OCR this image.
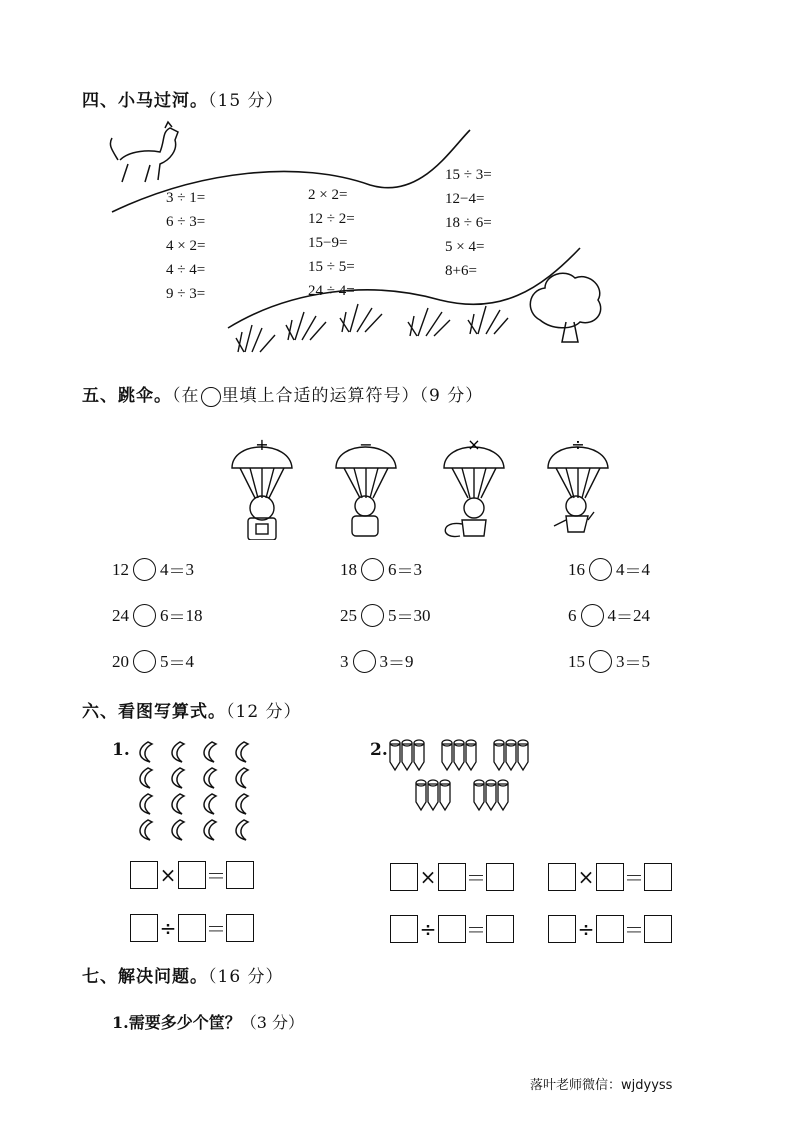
四、小马过河。（15 分）
3 ÷ 1=
6 ÷ 3=
4 × 2=
4 ÷ 4=
9 ÷ 3=
2 × 2=
12 ÷ 2=
15−9=
15 ÷ 5=
24 ÷ 4=
15 ÷ 3=
12−4=
18 ÷ 6=
5 × 4=
8+6=
五、跳伞。（在 里填上合适的运算符号）（9 分）
+	−	×	÷
12 4＝3	18 6＝3	16 4＝4
24 6＝18	25 5＝30	6 4＝24
20 5＝4	3 3＝9	15 3＝5
六、看图写算式。（12 分）
1.	2.
× ＝
÷ ＝
× ＝	× ＝
÷ ＝	÷ ＝
七、解决问题。（16 分）
1.需要多少个筐？（3 分）
落叶老师微信：wjdyyss
